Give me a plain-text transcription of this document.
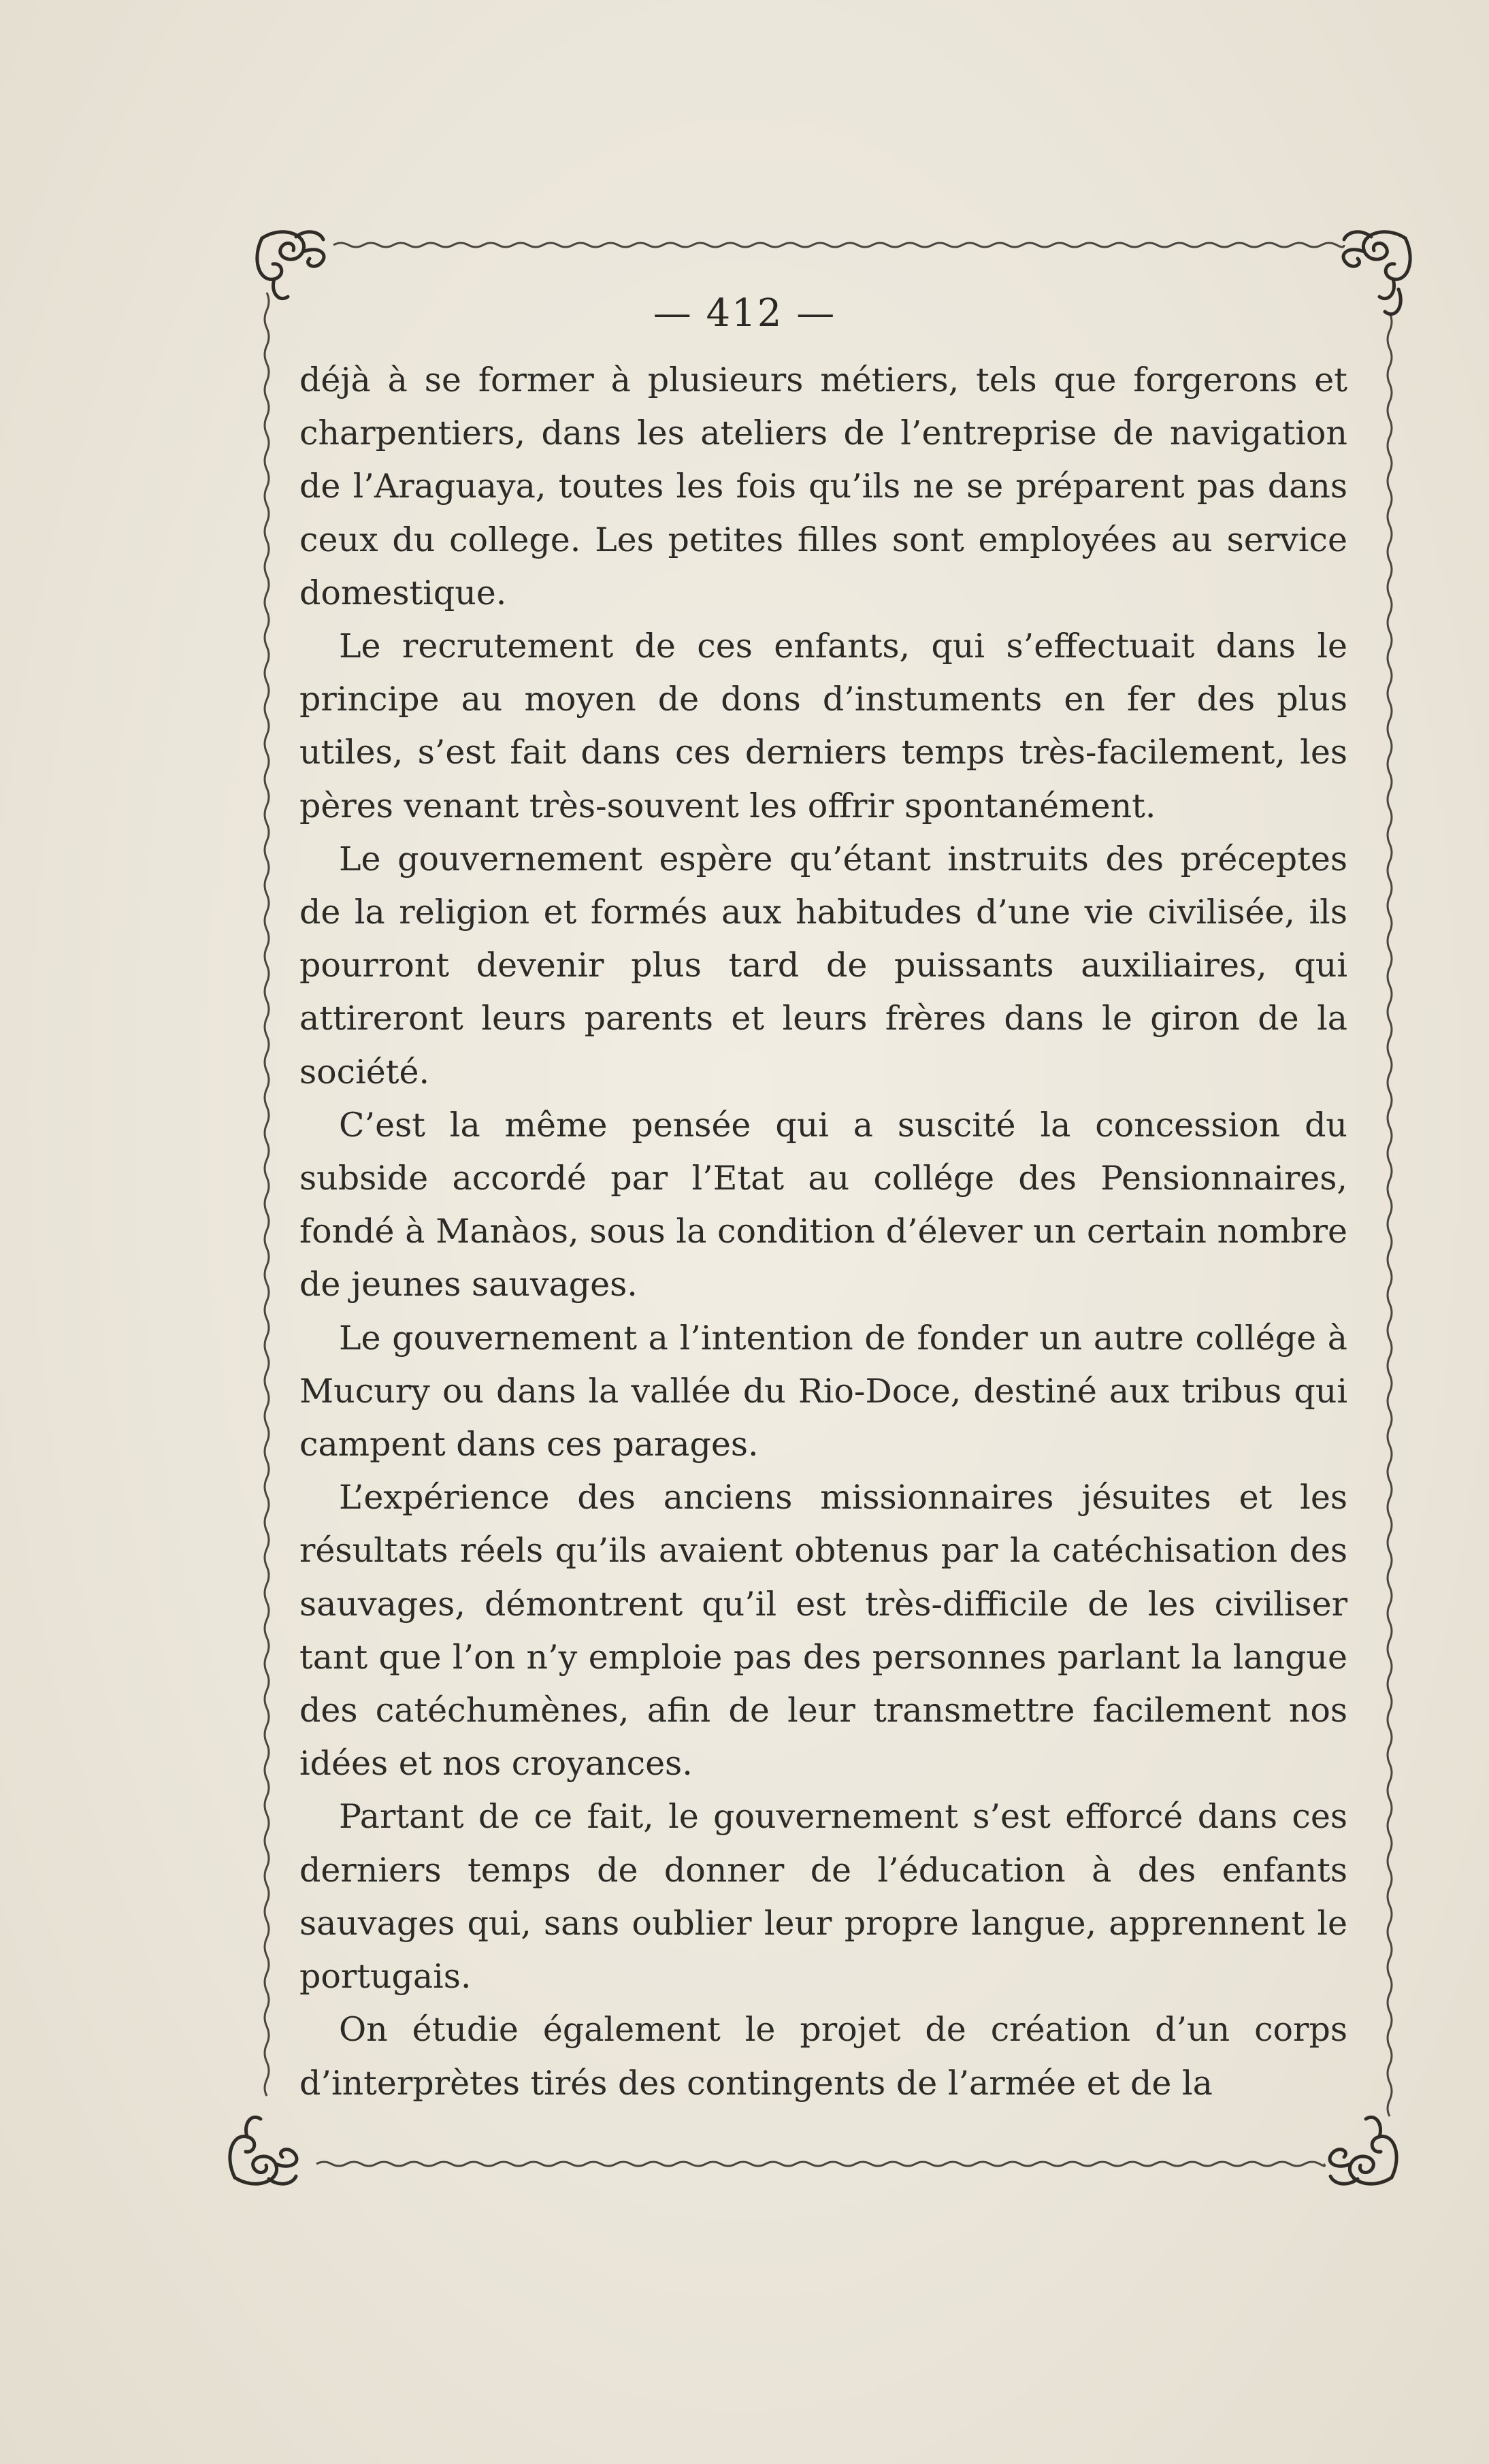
— 412 —

déjà à se former à plusieurs métiers, tels que forgerons et charpentiers, dans les ateliers de l’entreprise de navigation de l’Araguaya, toutes les fois qu’ils ne se préparent pas dans ceux du college. Les petites filles sont employées au service domestique.

Le recrutement de ces enfants, qui s’effectuait dans le principe au moyen de dons d’instuments en fer des plus utiles, s’est fait dans ces derniers temps très-facilement, les pères venant très-souvent les offrir spontanément.

Le gouvernement espère qu’étant instruits des préceptes de la religion et formés aux habitudes d’une vie civilisée, ils pourront devenir plus tard de puissants auxiliaires, qui attireront leurs parents et leurs frères dans le giron de la société.

C’est la même pensée qui a suscité la concession du subside accordé par l’Etat au collége des Pensionnaires, fondé à Manàos, sous la condition d’élever un certain nombre de jeunes sauvages.

Le gouvernement a l’intention de fonder un autre collége à Mucury ou dans la vallée du Rio-Doce, destiné aux tribus qui campent dans ces parages.

L’expérience des anciens missionnaires jésuites et les résultats réels qu’ils avaient obtenus par la catéchisation des sauvages, démontrent qu’il est très-difficile de les civiliser tant que l’on n’y emploie pas des personnes parlant la langue des catéchumènes, afin de leur transmettre facilement nos idées et nos croyances.

Partant de ce fait, le gouvernement s’est efforcé dans ces derniers temps de donner de l’éducation à des enfants sauvages qui, sans oublier leur propre langue, apprennent le portugais.

On étudie également le projet de création d’un corps d’interprètes tirés des contingents de l’armée et de la
